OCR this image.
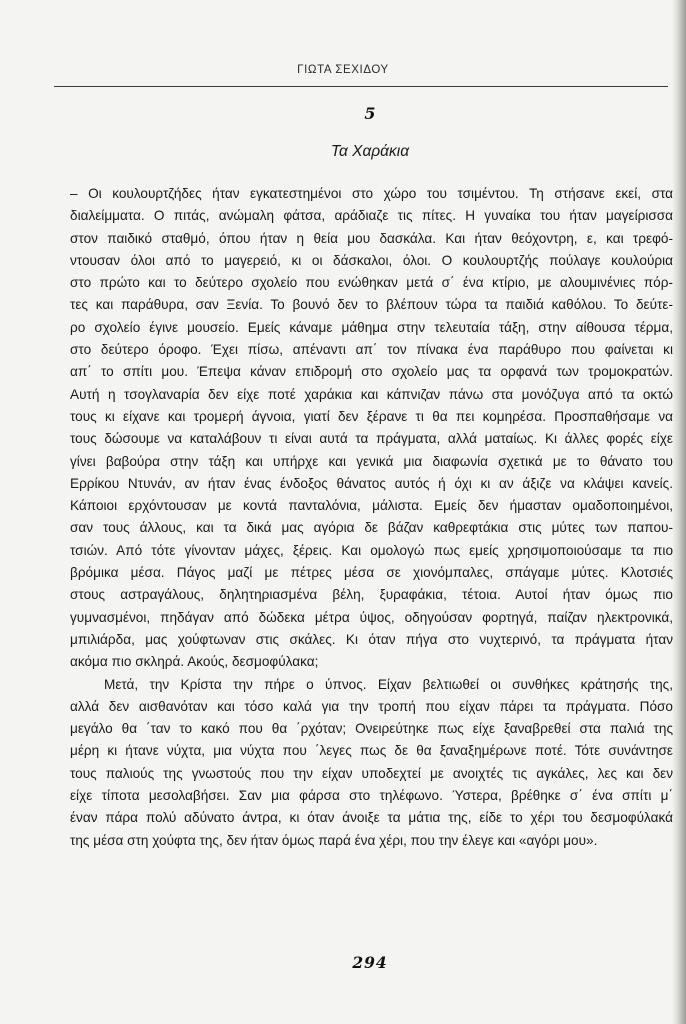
ΓΙΩΤΑ ΣΕΧΙΔΟΥ
5
Τα Χαράκια
– Οι κουλουρτζήδες ήταν εγκατεστημένοι στο χώρο του τσιμέντου. Τη στήσανε εκεί, στα
διαλείμματα. Ο πιτάς, ανώμαλη φάτσα, αράδιαζε τις πίτες. Η γυναίκα του ήταν μαγείρισσα
στον παιδικό σταθμό, όπου ήταν η θεία μου δασκάλα. Και ήταν θεόχοντρη, ε, και τρεφό-
ντουσαν όλοι από το μαγερειό, κι οι δάσκαλοι, όλοι. Ο κουλουρτζής πούλαγε κουλούρια
στο πρώτο και το δεύτερο σχολείο που ενώθηκαν μετά σ΄ ένα κτίριο, με αλουμινένιες πόρ-
τες και παράθυρα, σαν Ξενία. Το βουνό δεν το βλέπουν τώρα τα παιδιά καθόλου. Το δεύτε-
ρο σχολείο έγινε μουσείο. Εμείς κάναμε μάθημα στην τελευταία τάξη, στην αίθουσα τέρμα,
στο δεύτερο όροφο. Έχει πίσω, απέναντι απ΄ τον πίνακα ένα παράθυρο που φαίνεται κι
απ΄ το σπίτι μου. Έπεψα κάναν επιδρομή στο σχολείο μας τα ορφανά των τρομοκρατών.
Αυτή η τσογλαναρία δεν είχε ποτέ χαράκια και κάπνιζαν πάνω στα μονόζυγα από τα οκτώ
τους κι είχανε και τρομερή άγνοια, γιατί δεν ξέρανε τι θα πει κομηρέσα. Προσπαθήσαμε να
τους δώσουμε να καταλάβουν τι είναι αυτά τα πράγματα, αλλά ματαίως. Κι άλλες φορές είχε
γίνει βαβούρα στην τάξη και υπήρχε και γενικά μια διαφωνία σχετικά με το θάνατο του
Ερρίκου Ντυνάν, αν ήταν ένας ένδοξος θάνατος αυτός ή όχι κι αν άξιζε να κλάψει κανείς.
Κάποιοι ερχόντουσαν με κοντά πανταλόνια, μάλιστα. Εμείς δεν ήμασταν ομαδοποιημένοι,
σαν τους άλλους, και τα δικά μας αγόρια δε βάζαν καθρεφτάκια στις μύτες των παπου-
τσιών. Από τότε γίνονταν μάχες, ξέρεις. Και ομολογώ πως εμείς χρησιμοποιούσαμε τα πιο
βρόμικα μέσα. Πάγος μαζί με πέτρες μέσα σε χιονόμπαλες, σπάγαμε μύτες. Κλοτσιές
στους αστραγάλους, δηλητηριασμένα βέλη, ξυραφάκια, τέτοια. Αυτοί ήταν όμως πιο
γυμνασμένοι, πηδάγαν από δώδεκα μέτρα ύψος, οδηγούσαν φορτηγά, παίζαν ηλεκτρονικά,
μπιλιάρδα, μας χούφτωναν στις σκάλες. Κι όταν πήγα στο νυχτερινό, τα πράγματα ήταν
ακόμα πιο σκληρά. Ακούς, δεσμοφύλακα;
Μετά, την Κρίστα την πήρε ο ύπνος. Είχαν βελτιωθεί οι συνθήκες κράτησής της,
αλλά δεν αισθανόταν και τόσο καλά για την τροπή που είχαν πάρει τα πράγματα. Πόσο
μεγάλο θα ΄ταν το κακό που θα ΄ρχόταν; Ονειρεύτηκε πως είχε ξαναβρεθεί στα παλιά της
μέρη κι ήτανε νύχτα, μια νύχτα που ΄λεγες πως δε θα ξαναξημέρωνε ποτέ. Τότε συνάντησε
τους παλιούς της γνωστούς που την είχαν υποδεχτεί με ανοιχτές τις αγκάλες, λες και δεν
είχε τίποτα μεσολαβήσει. Σαν μια φάρσα στο τηλέφωνο. Ύστερα, βρέθηκε σ΄ ένα σπίτι μ΄
έναν πάρα πολύ αδύνατο άντρα, κι όταν άνοιξε τα μάτια της, είδε το χέρι του δεσμοφύλακά
της μέσα στη χούφτα της, δεν ήταν όμως παρά ένα χέρι, που την έλεγε και «αγόρι μου».
294
